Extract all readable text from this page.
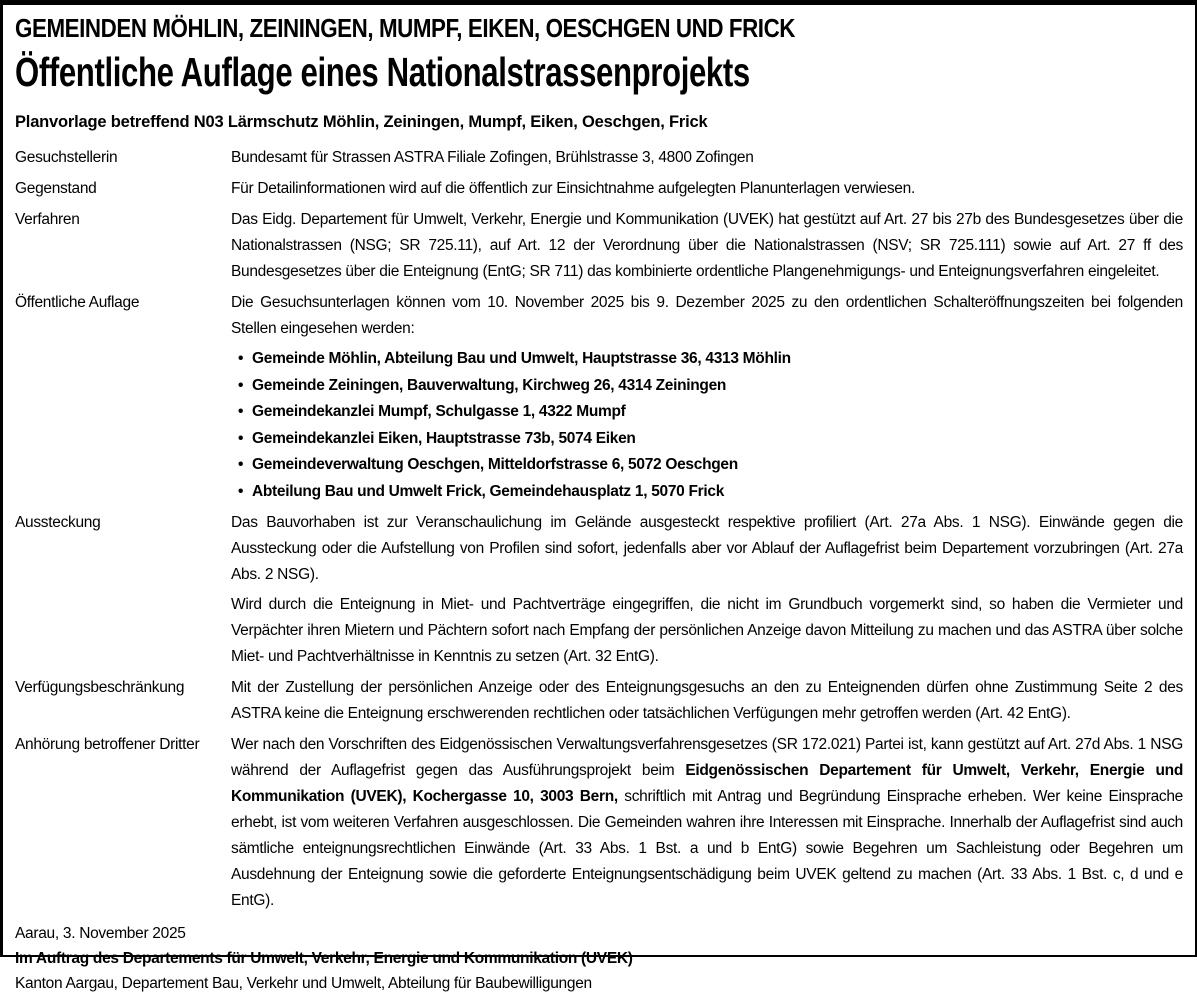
GEMEINDEN MÖHLIN, ZEININGEN, MUMPF, EIKEN, OESCHGEN UND FRICK
Öffentliche Auflage eines Nationalstrassenprojekts
Planvorlage betreffend N03 Lärmschutz Möhlin, Zeiningen, Mumpf, Eiken, Oeschgen, Frick
Gesuchstellerin	Bundesamt für Strassen ASTRA Filiale Zofingen, Brühlstrasse 3, 4800 Zofingen

Gegenstand	Für Detailinformationen wird auf die öffentlich zur Einsichtnahme aufgelegten Planunterlagen verwiesen.

Verfahren	Das Eidg. Departement für Umwelt, Verkehr, Energie und Kommunikation (UVEK) hat gestützt auf Art. 27 bis 27b des Bundesgesetzes über die Nationalstrassen (NSG; SR 725.11), auf Art. 12 der Verordnung über die Nationalstrassen (NSV; SR 725.111) sowie auf Art. 27 ff des Bundesgesetzes über die Enteignung (EntG; SR 711) das kombinierte ordentliche Plangenehmigungs- und Enteignungsverfahren eingeleitet.

Öffentliche Auflage	Die Gesuchsunterlagen können vom 10. November 2025 bis 9. Dezember 2025 zu den ordentlichen Schalteröffnungszeiten bei folgenden Stellen eingesehen werden:

• Gemeinde Möhlin, Abteilung Bau und Umwelt, Hauptstrasse 36, 4313 Möhlin
• Gemeinde Zeiningen, Bauverwaltung, Kirchweg 26, 4314 Zeiningen
• Gemeindekanzlei Mumpf, Schulgasse 1, 4322 Mumpf
• Gemeindekanzlei Eiken, Hauptstrasse 73b, 5074 Eiken
• Gemeindeverwaltung Oeschgen, Mitteldorfstrasse 6, 5072 Oeschgen
• Abteilung Bau und Umwelt Frick, Gemeindehausplatz 1, 5070 Frick
Aussteckung	Das Bauvorhaben ist zur Veranschaulichung im Gelände ausgesteckt respektive profiliert (Art. 27a Abs. 1 NSG). Einwände gegen die Aussteckung oder die Aufstellung von Profilen sind sofort, jedenfalls aber vor Ablauf der Auflagefrist beim Departement vorzubringen (Art. 27a Abs. 2 NSG).

Wird durch die Enteignung in Miet- und Pachtverträge eingegriffen, die nicht im Grundbuch vorgemerkt sind, so haben die Vermieter und Verpächter ihren Mietern und Pächtern sofort nach Empfang der persönlichen Anzeige davon Mitteilung zu machen und das ASTRA über solche Miet- und Pachtverhältnisse in Kenntnis zu setzen (Art. 32 EntG).

Verfügungsbeschränkung	Mit der Zustellung der persönlichen Anzeige oder des Enteignungsgesuchs an den zu Enteignenden dürfen ohne Zustimmung Seite 2 des ASTRA keine die Enteignung erschwerenden rechtlichen oder tatsächlichen Verfügungen mehr getroffen werden (Art. 42 EntG).

Anhörung betroffener Dritter	Wer nach den Vorschriften des Eidgenössischen Verwaltungsverfahrensgesetzes (SR 172.021) Partei ist, kann gestützt auf Art. 27d Abs. 1 NSG während der Auflagefrist gegen das Ausführungsprojekt beim Eidgenössischen Departement für Umwelt, Verkehr, Energie und Kommunikation (UVEK), Kochergasse 10, 3003 Bern, schriftlich mit Antrag und Begründung Einsprache erheben. Wer keine Einsprache erhebt, ist vom weiteren Verfahren ausgeschlossen. Die Gemeinden wahren ihre Interessen mit Einsprache. Innerhalb der Auflagefrist sind auch sämtliche enteignungsrechtlichen Einwände (Art. 33 Abs. 1 Bst. a und b EntG) sowie Begehren um Sachleistung oder Begehren um Ausdehnung der Enteignung sowie die geforderte Enteignungsentschädigung beim UVEK geltend zu machen (Art. 33 Abs. 1 Bst. c, d und e EntG).

Aarau, 3. November 2025
Im Auftrag des Departements für Umwelt, Verkehr, Energie und Kommunikation (UVEK)
Kanton Aargau, Departement Bau, Verkehr und Umwelt, Abteilung für Baubewilligungen
